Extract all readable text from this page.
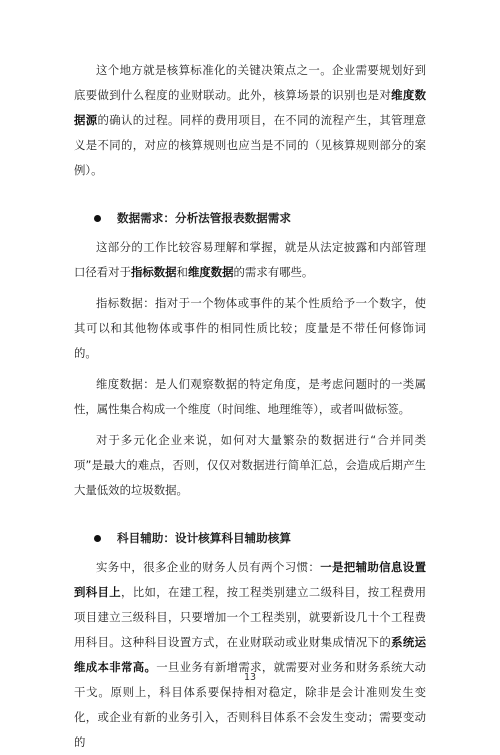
这个地方就是核算标准化的关键决策点之一。企业需要规划好到底要做到什么程度的业财联动。此外，核算场景的识别也是对维度数据源的确认的过程。同样的费用项目，在不同的流程产生，其管理意义是不同的，对应的核算规则也应当是不同的（见核算规则部分的案例）。

数据需求：分析法管报表数据需求

这部分的工作比较容易理解和掌握，就是从法定披露和内部管理口径看对于指标数据和维度数据的需求有哪些。

指标数据：指对于一个物体或事件的某个性质给予一个数字，使其可以和其他物体或事件的相同性质比较；度量是不带任何修饰词的。

维度数据：是人们观察数据的特定角度，是考虑问题时的一类属性，属性集合构成一个维度（时间维、地理维等），或者叫做标签。

对于多元化企业来说，如何对大量繁杂的数据进行“合并同类项”是最大的难点，否则，仅仅对数据进行简单汇总，会造成后期产生大量低效的垃圾数据。

科目辅助：设计核算科目辅助核算

实务中，很多企业的财务人员有两个习惯：一是把辅助信息设置到科目上，比如，在建工程，按工程类别建立二级科目，按工程费用项目建立三级科目，只要增加一个工程类别，就要新设几十个工程费用科目。这种科目设置方式，在业财联动或业财集成情况下的系统运维成本非常高。一旦业务有新增需求，就需要对业务和财务系统大动干戈。原则上，科目体系要保持相对稳定，除非是会计准则发生变化，或企业有新的业务引入，否则科目体系不会发生变动；需要变动的

13
